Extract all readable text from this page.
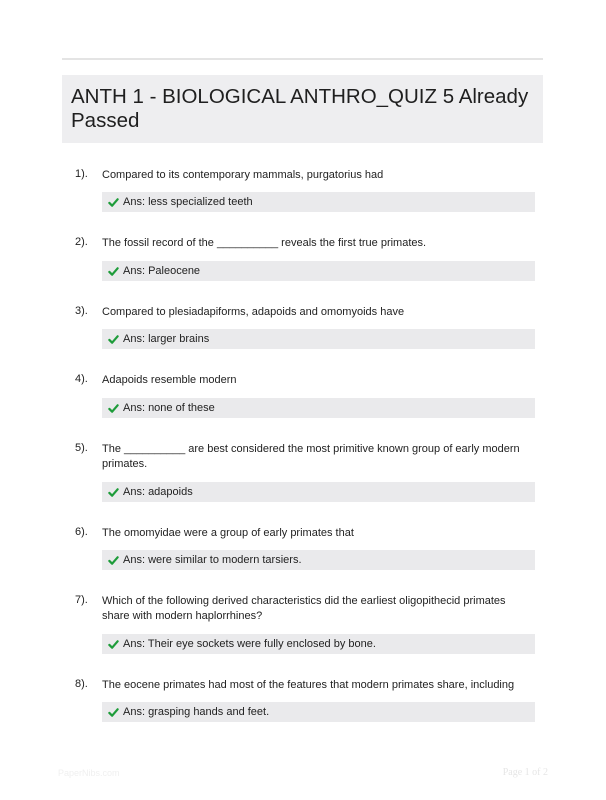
ANTH 1 - BIOLOGICAL ANTHRO_QUIZ 5 Already Passed
1). Compared to its contemporary mammals, purgatorius had
Ans: less specialized teeth
2). The fossil record of the __________ reveals the first true primates.
Ans: Paleocene
3). Compared to plesiadapiforms, adapoids and omomyoids have
Ans: larger brains
4). Adapoids resemble modern
Ans: none of these
5). The __________ are best considered the most primitive known group of early modern primates.
Ans: adapoids
6). The omomyidae were a group of early primates that
Ans: were similar to modern tarsiers.
7). Which of the following derived characteristics did the earliest oligopithecid primates share with modern haplorrhines?
Ans: Their eye sockets were fully enclosed by bone.
8). The eocene primates had most of the features that modern primates share, including
Ans: grasping hands and feet.
PaperNibs.com	Page 1 of 2
